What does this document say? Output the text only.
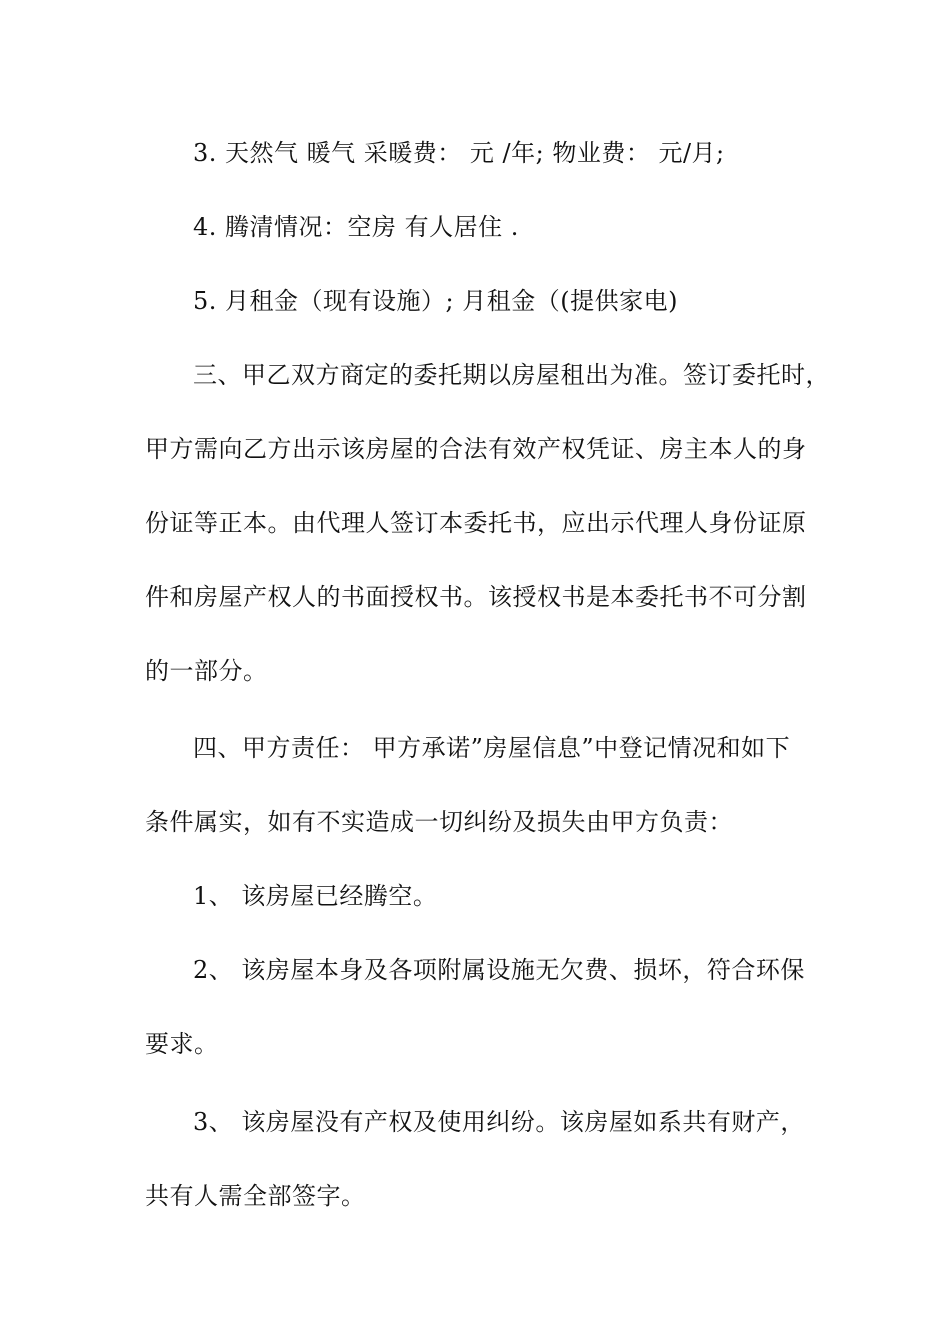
3. 天然气 暖气 采暖费： 元 /年; 物业费： 元/月;
4. 腾清情况：空房 有人居住 .
5. 月租金（现有设施）; 月租金（(提供家电)
三、甲乙双方商定的委托期以房屋租出为准。签订委托时，
甲方需向乙方出示该房屋的合法有效产权凭证、房主本人的身
份证等正本。由代理人签订本委托书，应出示代理人身份证原
件和房屋产权人的书面授权书。该授权书是本委托书不可分割
的一部分。
四、甲方责任： 甲方承诺”房屋信息”中登记情况和如下
条件属实，如有不实造成一切纠纷及损失由甲方负责：
1、 该房屋已经腾空。
2、 该房屋本身及各项附属设施无欠费、损坏，符合环保
要求。
3、 该房屋没有产权及使用纠纷。该房屋如系共有财产，
共有人需全部签字。
